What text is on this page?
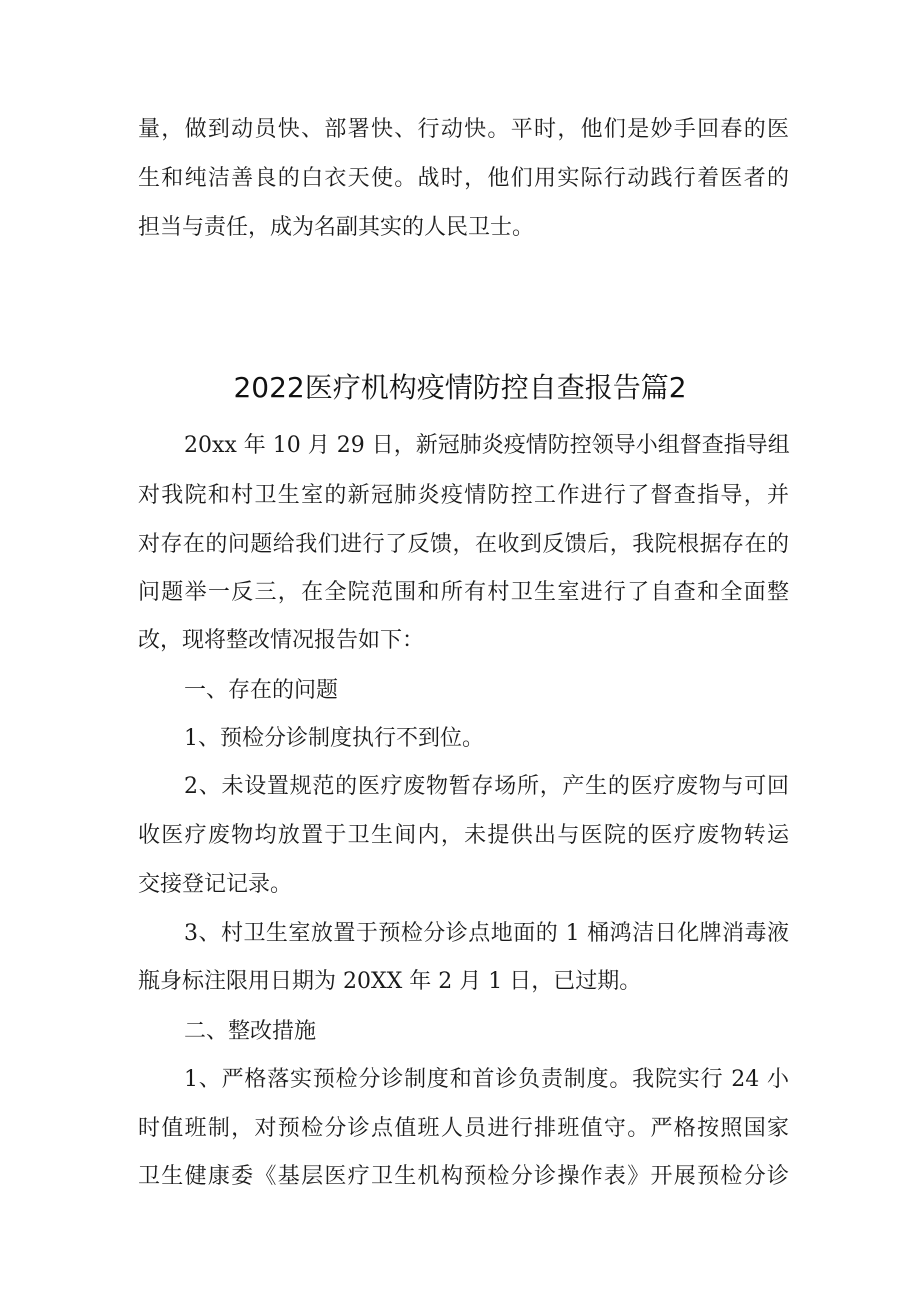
量，做到动员快、部署快、行动快。平时，他们是妙手回春的医
生和纯洁善良的白衣天使。战时，他们用实际行动践行着医者的
担当与责任，成为名副其实的人民卫士。
2022医疗机构疫情防控自查报告篇2
20xx 年 10 月 29 日，新冠肺炎疫情防控领导小组督查指导组
对我院和村卫生室的新冠肺炎疫情防控工作进行了督查指导，并
对存在的问题给我们进行了反馈，在收到反馈后，我院根据存在的
问题举一反三，在全院范围和所有村卫生室进行了自查和全面整
改，现将整改情况报告如下：
一、存在的问题
1、预检分诊制度执行不到位。
2、未设置规范的医疗废物暂存场所，产生的医疗废物与可回
收医疗废物均放置于卫生间内，未提供出与医院的医疗废物转运
交接登记记录。
3、村卫生室放置于预检分诊点地面的 1 桶鸿洁日化牌消毒液
瓶身标注限用日期为 20XX 年 2 月 1 日，已过期。
二、整改措施
1、严格落实预检分诊制度和首诊负责制度。我院实行 24 小
时值班制，对预检分诊点值班人员进行排班值守。严格按照国家
卫生健康委《基层医疗卫生机构预检分诊操作表》开展预检分诊
